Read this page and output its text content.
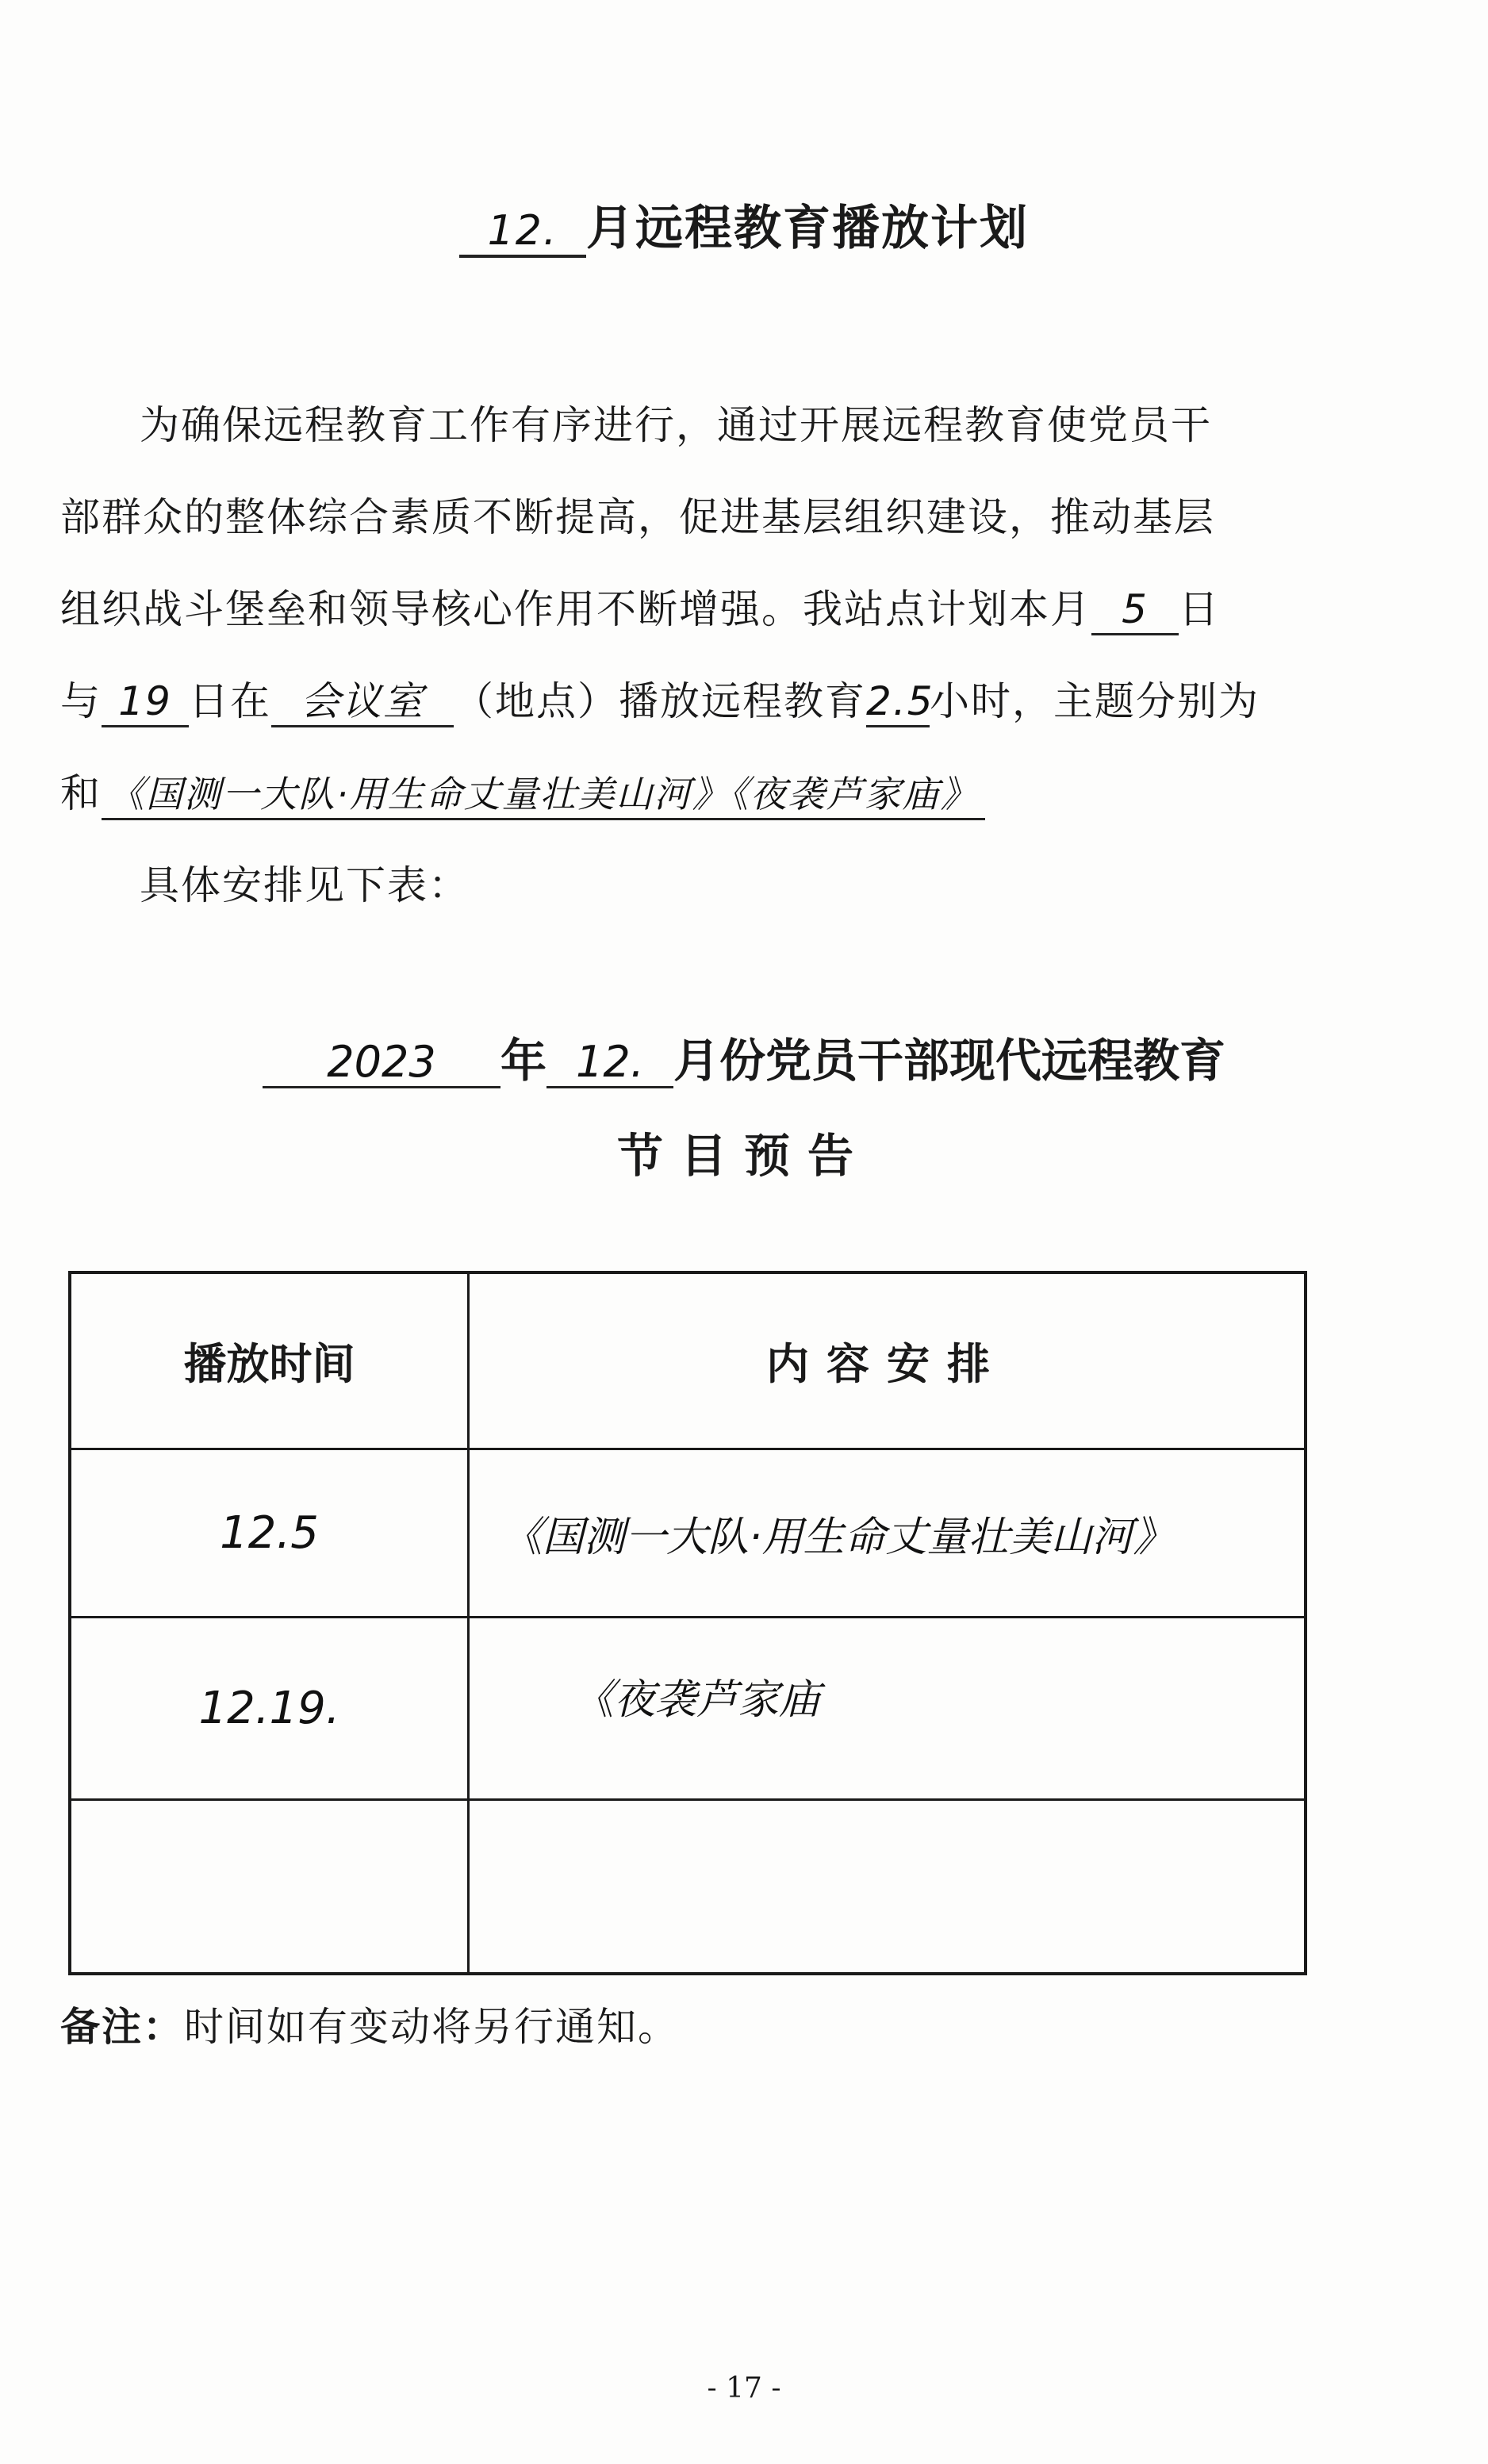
12. 月远程教育播放计划
为确保远程教育工作有序进行，通过开展远程教育使党员干
部群众的整体综合素质不断提高，促进基层组织建设，推动基层
组织战斗堡垒和领导核心作用不断增强。我站点计划本月 5 日
与 19 日在 会议室 （地点）播放远程教育2.5小时，主题分别为
和 《国测一大队·用生命丈量壮美山河》《夜袭芦家庙》
具体安排见下表：
2023 年 12. 月份党员干部现代远程教育
节目预告
播放时间	内容安排
12.5	《国测一大队·用生命丈量壮美山河》
12.19.	《夜袭芦家庙
备注：时间如有变动将另行通知。
- 17 -
